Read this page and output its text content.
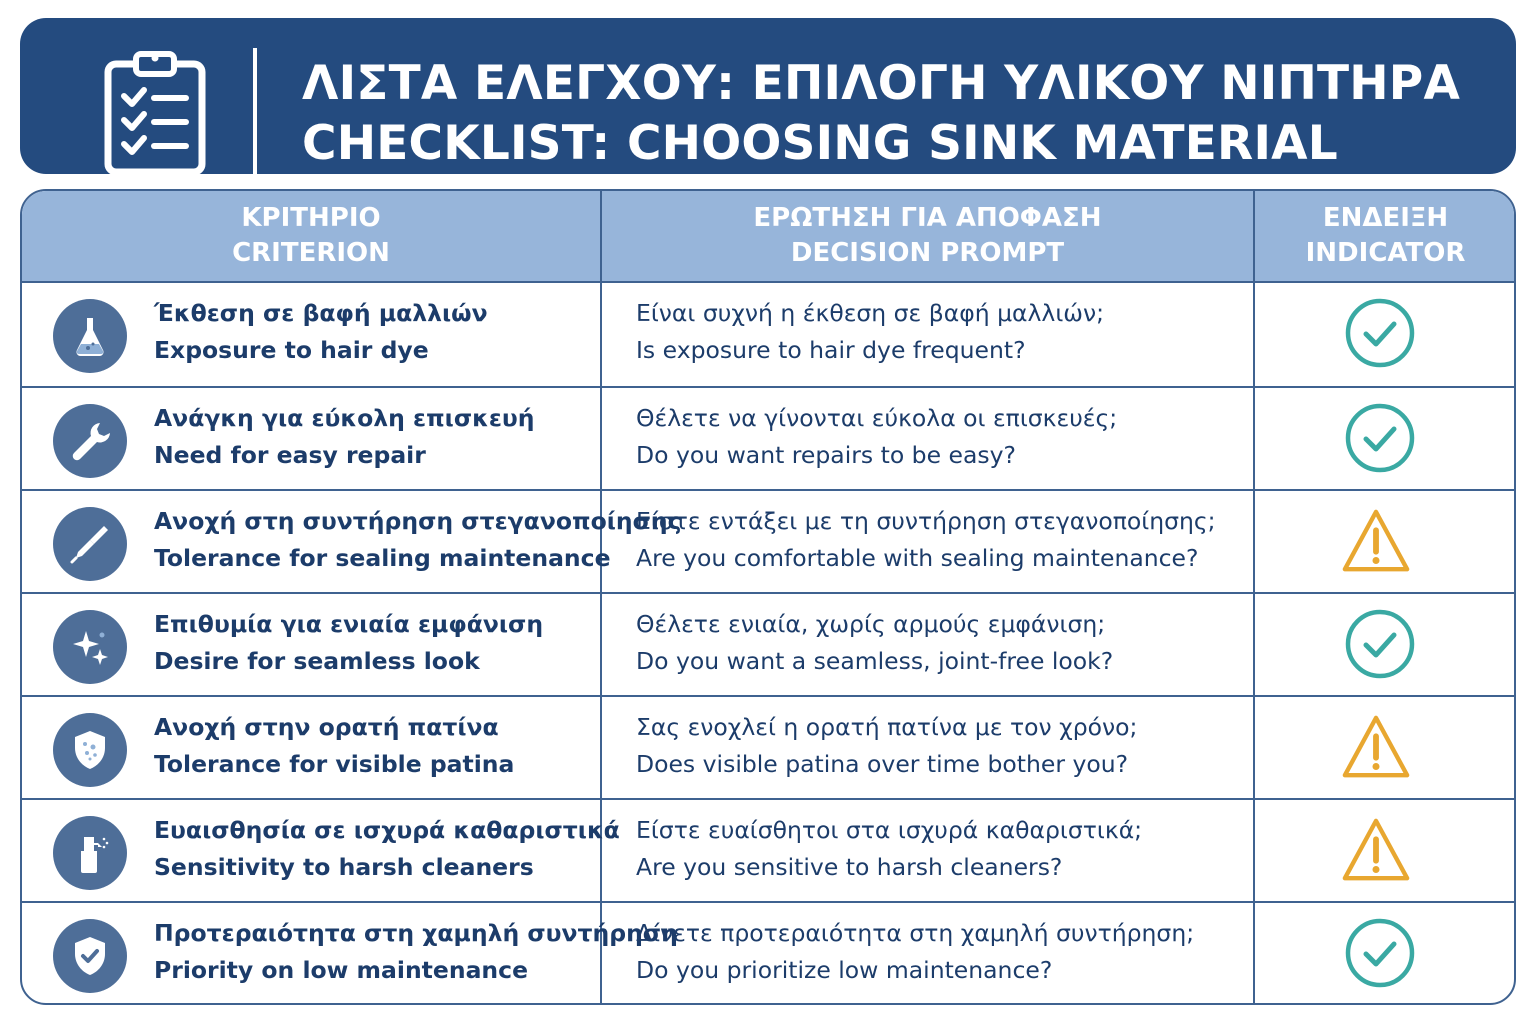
ΛΙΣΤΑ ΕΛΕΓΧΟΥ: ΕΠΙΛΟΓΗ ΥΛΙΚΟΥ ΝΙΠΤΗΡΑ
CHECKLIST: CHOOSING SINK MATERIAL
ΚΡΙΤΗΡΙΟ
CRITERION
ΕΡΩΤΗΣΗ ΓΙΑ ΑΠΟΦΑΣΗ
DECISION PROMPT
ΕΝΔΕΙΞΗ
INDICATOR
Έκθεση σε βαφή μαλλιών
Exposure to hair dye
Είναι συχνή η έκθεση σε βαφή μαλλιών;
Is exposure to hair dye frequent?
Ανάγκη για εύκολη επισκευή
Need for easy repair
Θέλετε να γίνονται εύκολα οι επισκευές;
Do you want repairs to be easy?
Ανοχή στη συντήρηση στεγανοποίησης
Tolerance for sealing maintenance
Είστε εντάξει με τη συντήρηση στεγανοποίησης;
Are you comfortable with sealing maintenance?
Επιθυμία για ενιαία εμφάνιση
Desire for seamless look
Θέλετε ενιαία, χωρίς αρμούς εμφάνιση;
Do you want a seamless, joint-free look?
Ανοχή στην ορατή πατίνα
Tolerance for visible patina
Σας ενοχλεί η ορατή πατίνα με τον χρόνο;
Does visible patina over time bother you?
Ευαισθησία σε ισχυρά καθαριστικά
Sensitivity to harsh cleaners
Είστε ευαίσθητοι στα ισχυρά καθαριστικά;
Are you sensitive to harsh cleaners?
Προτεραιότητα στη χαμηλή συντήρηση
Priority on low maintenance
Δίνετε προτεραιότητα στη χαμηλή συντήρηση;
Do you prioritize low maintenance?
